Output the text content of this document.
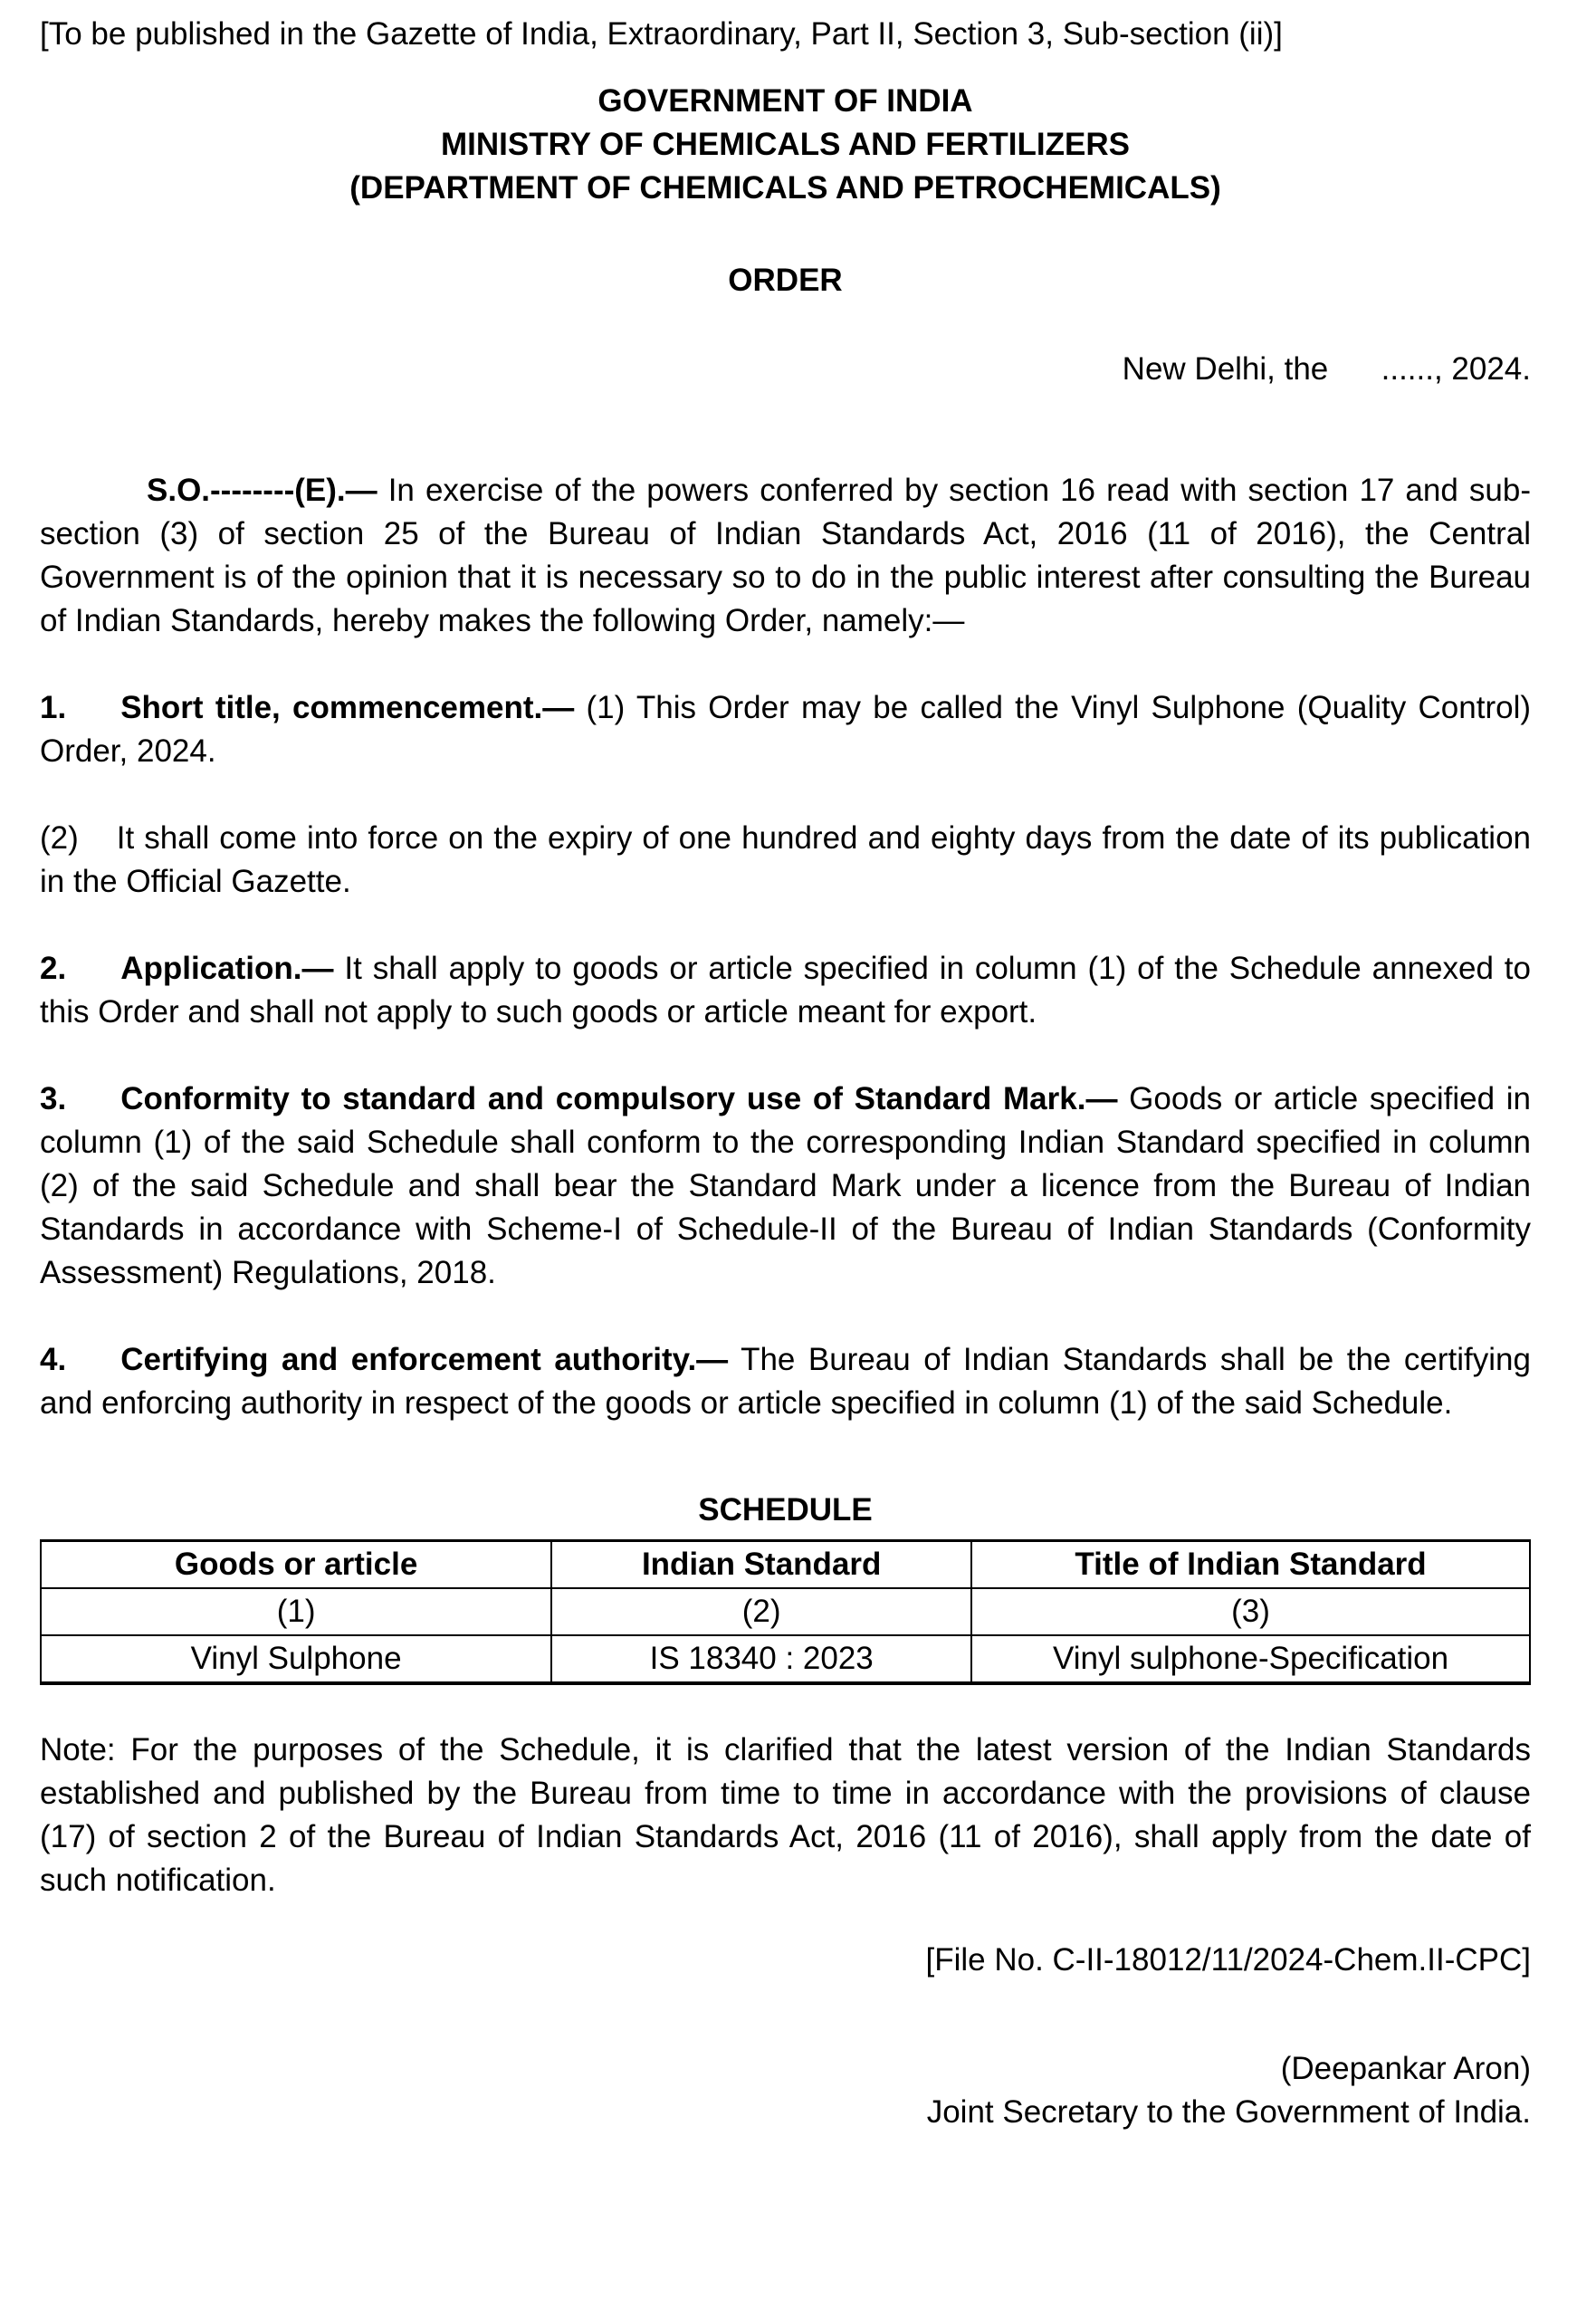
[To be published in the Gazette of India, Extraordinary, Part II, Section 3, Sub-section (ii)]

GOVERNMENT OF INDIA

MINISTRY OF CHEMICALS AND FERTILIZERS

(DEPARTMENT OF CHEMICALS AND PETROCHEMICALS)

ORDER

New Delhi, the      ......, 2024.

S.O.--------(E).— In exercise of the powers conferred by section 16 read with section 17 and sub-section (3) of section 25 of the Bureau of Indian Standards Act, 2016 (11 of 2016), the Central Government is of the opinion that it is necessary so to do in the public interest after consulting the Bureau of Indian Standards, hereby makes the following Order, namely:—

1. Short title, commencement.— (1) This Order may be called the Vinyl Sulphone (Quality Control) Order, 2024.

(2) It shall come into force on the expiry of one hundred and eighty days from the date of its publication in the Official Gazette.

2. Application.— It shall apply to goods or article specified in column (1) of the Schedule annexed to this Order and shall not apply to such goods or article meant for export.

3. Conformity to standard and compulsory use of Standard Mark.— Goods or article specified in column (1) of the said Schedule shall conform to the corresponding Indian Standard specified in column (2) of the said Schedule and shall bear the Standard Mark under a licence from the Bureau of Indian Standards in accordance with Scheme-I of Schedule-II of the Bureau of Indian Standards (Conformity Assessment) Regulations, 2018.

4. Certifying and enforcement authority.— The Bureau of Indian Standards shall be the certifying and enforcing authority in respect of the goods or article specified in column (1) of the said Schedule.

SCHEDULE

Goods or article	Indian Standard	Title of Indian Standard
(1)	(2)	(3)
Vinyl Sulphone	IS 18340 : 2023	Vinyl sulphone-Specification

Note: For the purposes of the Schedule, it is clarified that the latest version of the Indian Standards established and published by the Bureau from time to time in accordance with the provisions of clause (17) of section 2 of the Bureau of Indian Standards Act, 2016 (11 of 2016), shall apply from the date of such notification.

[File No. C-II-18012/11/2024-Chem.II-CPC]

(Deepankar Aron)

Joint Secretary to the Government of India.
